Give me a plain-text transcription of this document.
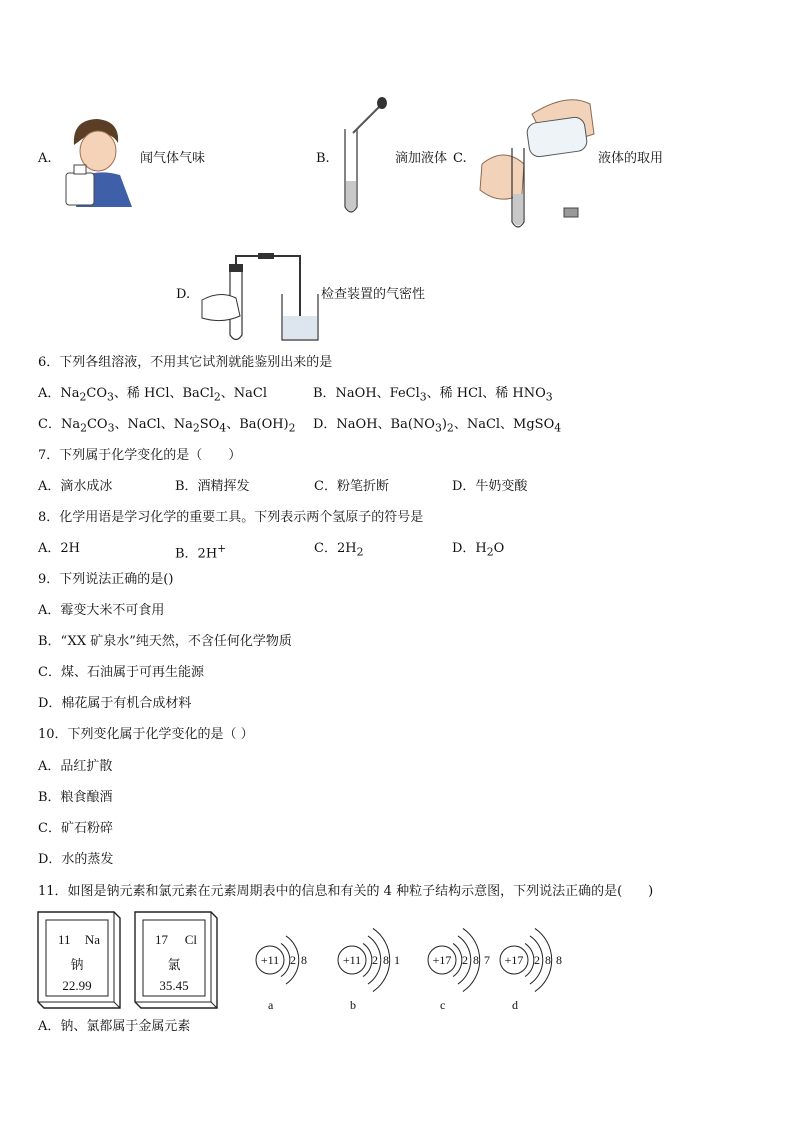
A.	闻气体气味	B.	滴加液体 C.	液体的取用
D.	检查装置的气密性
6．下列各组溶液，不用其它试剂就能鉴别出来的是
A．$Na_2CO_3$、稀 HCl、BaCl$_2$、NaCl	B．NaOH、FeCl$_3$、稀 HCl、稀 $HNO_3$
C．$Na_2CO_3$、NaCl、$Na_2SO_4$、$Ba(OH)_2$ D．NaOH、$Ba(NO_3)_2$、NaCl、MgSO$_4$
7．下列属于化学变化的是（　　）
A．滴水成冰	B．酒精挥发	C．粉笔折断	D．牛奶变酸
8．化学用语是学习化学的重要工具。下列表示两个氢原子的符号是
A．2H	B．2H+	C．$2H_2$	D．$H_2O$
9．下列说法正确的是()
A．霉变大米不可食用
B．“XX 矿泉水”纯天然，不含任何化学物质
C．煤、石油属于可再生能源
D．棉花属于有机合成材料
10．下列变化属于化学变化的是（ ）
A．品红扩散
B．粮食酿酒
C．矿石粉碎
D．水的蒸发
11．如图是钠元素和氯元素在元素周期表中的信息和有关的 4 种粒子结构示意图，下列说法正确的是(　　)
11 Na
钠
22.99
17 Cl
氯
35.45
+11 2 8
a
+11 2 8 1
b
+17 2 8 7
c
+17 2 8 8
d
A．钠、氯都属于金属元素
